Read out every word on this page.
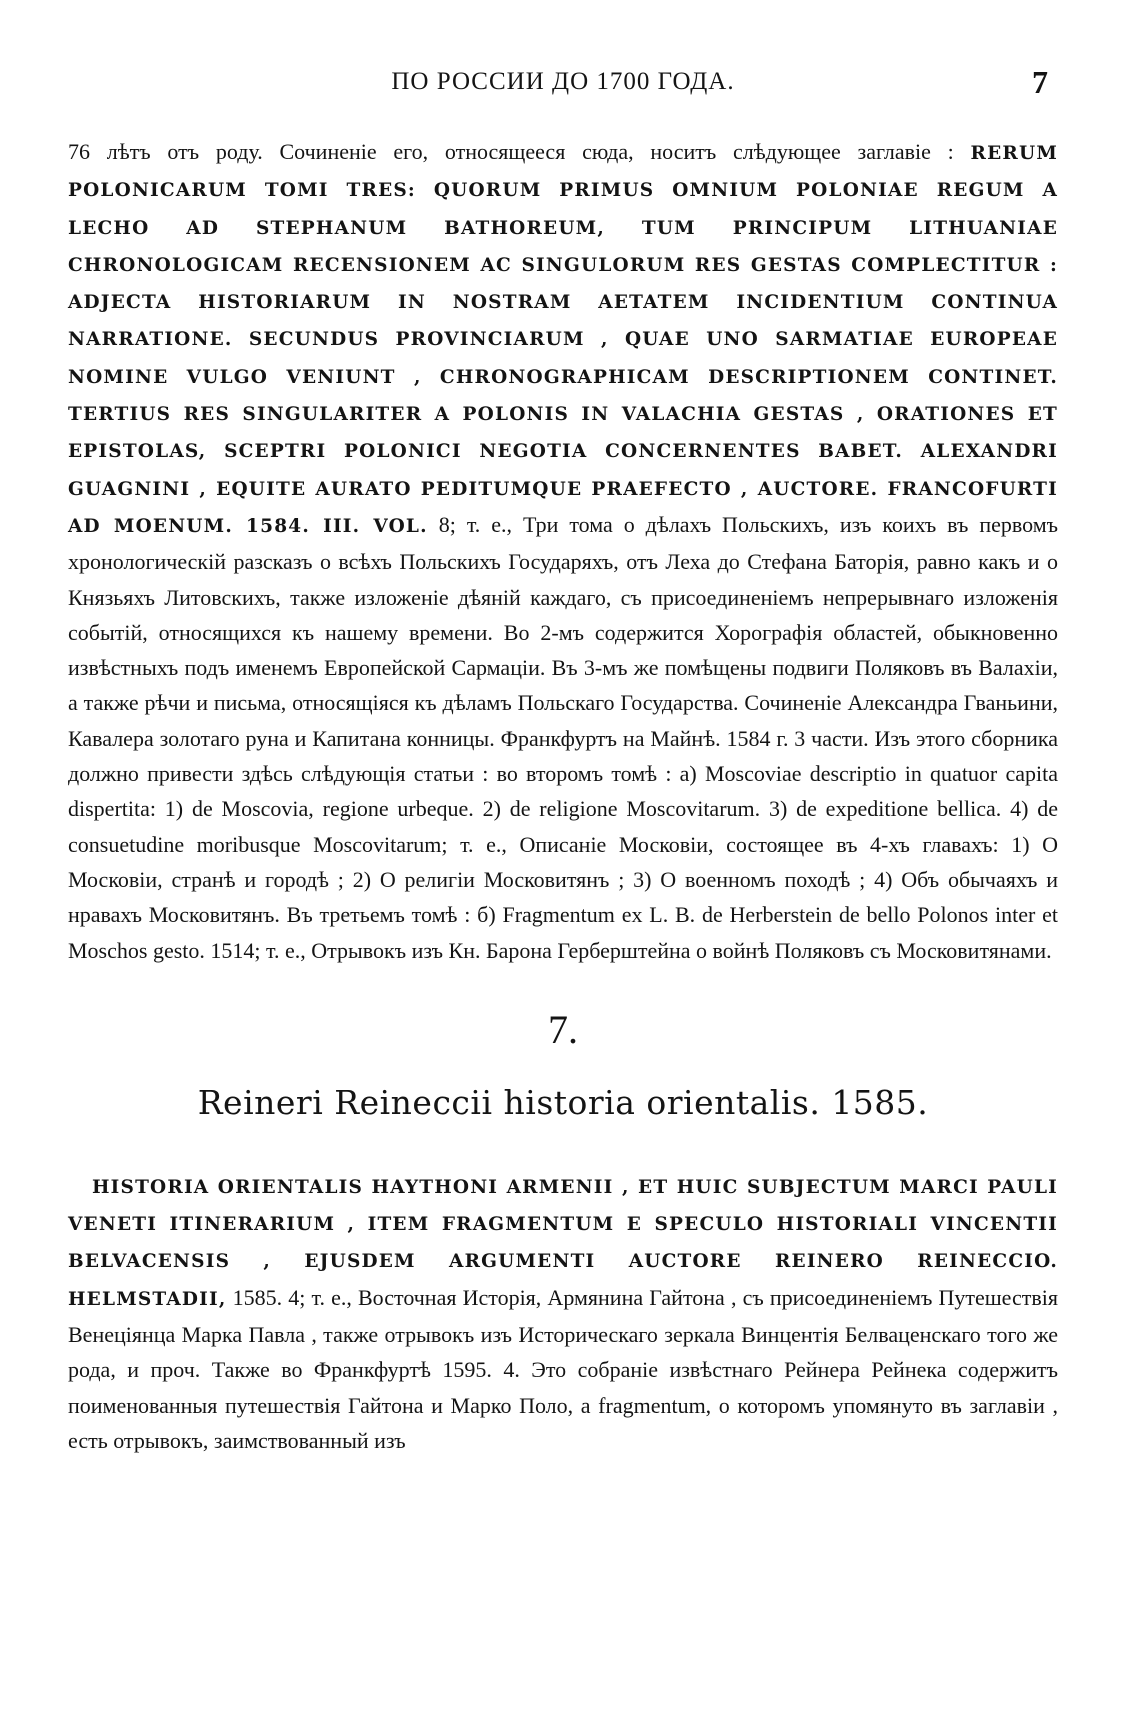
ПО РОССИИ ДО 1700 ГОДА.	7

76 лѣтъ отъ роду. Сочиненіе его, относящееся сюда, носитъ слѣдующее заглавіе : RERUM POLONICARUM TOMI TRES: QUORUM PRIMUS OMNIUM POLONIAE REGUM A LECHO AD STEPHANUM BATHOREUM, TUM PRINCIPUM LITHUANIAE CHRONOLOGICAM RECENSIONEM AC SINGULORUM RES GESTAS COMPLECTITUR : ADJECTA HISTORIARUM IN NOSTRAM AETATEM INCIDENTIUM CONTINUA NARRATIONE. SECUNDUS PROVINCIARUM , QUAE UNO SARMATIAE EUROPEAE NOMINE VULGO VENIUNT , CHRONOGRAPHICAM DESCRIPTIONEM CONTINET. TERTIUS RES SINGULARITER A POLONIS IN VALACHIA GESTAS , ORATIONES ET EPISTOLAS, SCEPTRI POLONICI NEGOTIA CONCERNENTES BABET. ALEXANDRI GUAGNINI , EQUITE AURATO PEDITUMQUE PRAEFECTO , AUCTORE. FRANCOFURTI AD MOENUM. 1584. III. VOL. 8; т. е., Три тома о дѣлахъ Польскихъ, изъ коихъ въ первомъ хронологическій разсказъ о всѣхъ Польскихъ Государяхъ, отъ Леха до Стефана Баторія, равно какъ и о Князьяхъ Литовскихъ, также изложеніе дѣяній каждаго, съ присоединеніемъ непрерывнаго изложенія событій, относящихся къ нашему времени. Во 2-мъ содержится Хорографія областей, обыкновенно извѣстныхъ подъ именемъ Европейской Сармаціи. Въ 3-мъ же помѣщены подвиги Поляковъ въ Валахіи, а также рѣчи и письма, относящіяся къ дѣламъ Польскаго Государства. Сочиненіе Александра Гваньини, Кавалера золотаго руна и Капитана конницы. Франкфуртъ на Майнѣ. 1584 г. 3 части. Изъ этого сборника должно привести здѣсь слѣдующія статьи : во второмъ томѣ : а) Moscoviae descriptio in quatuor capita dispertita: 1) de Moscovia, regione urbeque. 2) de religione Moscovitarum. 3) de expeditione bellica. 4) de consuetudine moribusque Moscovitarum; т. е., Описаніе Московіи, состоящее въ 4-хъ главахъ: 1) О Московіи, странѣ и городѣ ; 2) О религіи Московитянъ ; 3) О военномъ походѣ ; 4) Объ обычаяхъ и нравахъ Московитянъ. Въ третьемъ томѣ : б) Fragmentum ex L. B. de Herberstein de bello Polonos inter et Moschos gesto. 1514; т. е., Отрывокъ изъ Кн. Барона Герберштейна о войнѣ Поляковъ съ Московитянами.

7.
Reineri Reineccii historia orientalis. 1585.

HISTORIA ORIENTALIS HAYTHONI ARMENII , ET HUIC SUBJECTUM MARCI PAULI VENETI ITINERARIUM , ITEM FRAGMENTUM E SPECULO HISTORIALI VINCENTII BELVACENSIS , EJUSDEM ARGUMENTI AUCTORE REINERO REINECCIO. HELMSTADII, 1585. 4; т. е., Восточная Исторія, Армянина Гайтона , съ присоединеніемъ Путешествія Венеціянца Марка Павла , также отрывокъ изъ Историческаго зеркала Винцентія Белваценскаго того же рода, и проч. Также во Франкфуртѣ 1595. 4. Это собраніе извѣстнаго Рейнера Рейнека содержитъ поименованныя путешествія Гайтона и Марко Поло, а fragmentum, о которомъ упомянуто въ заглавіи , есть отрывокъ, заимствованный изъ
